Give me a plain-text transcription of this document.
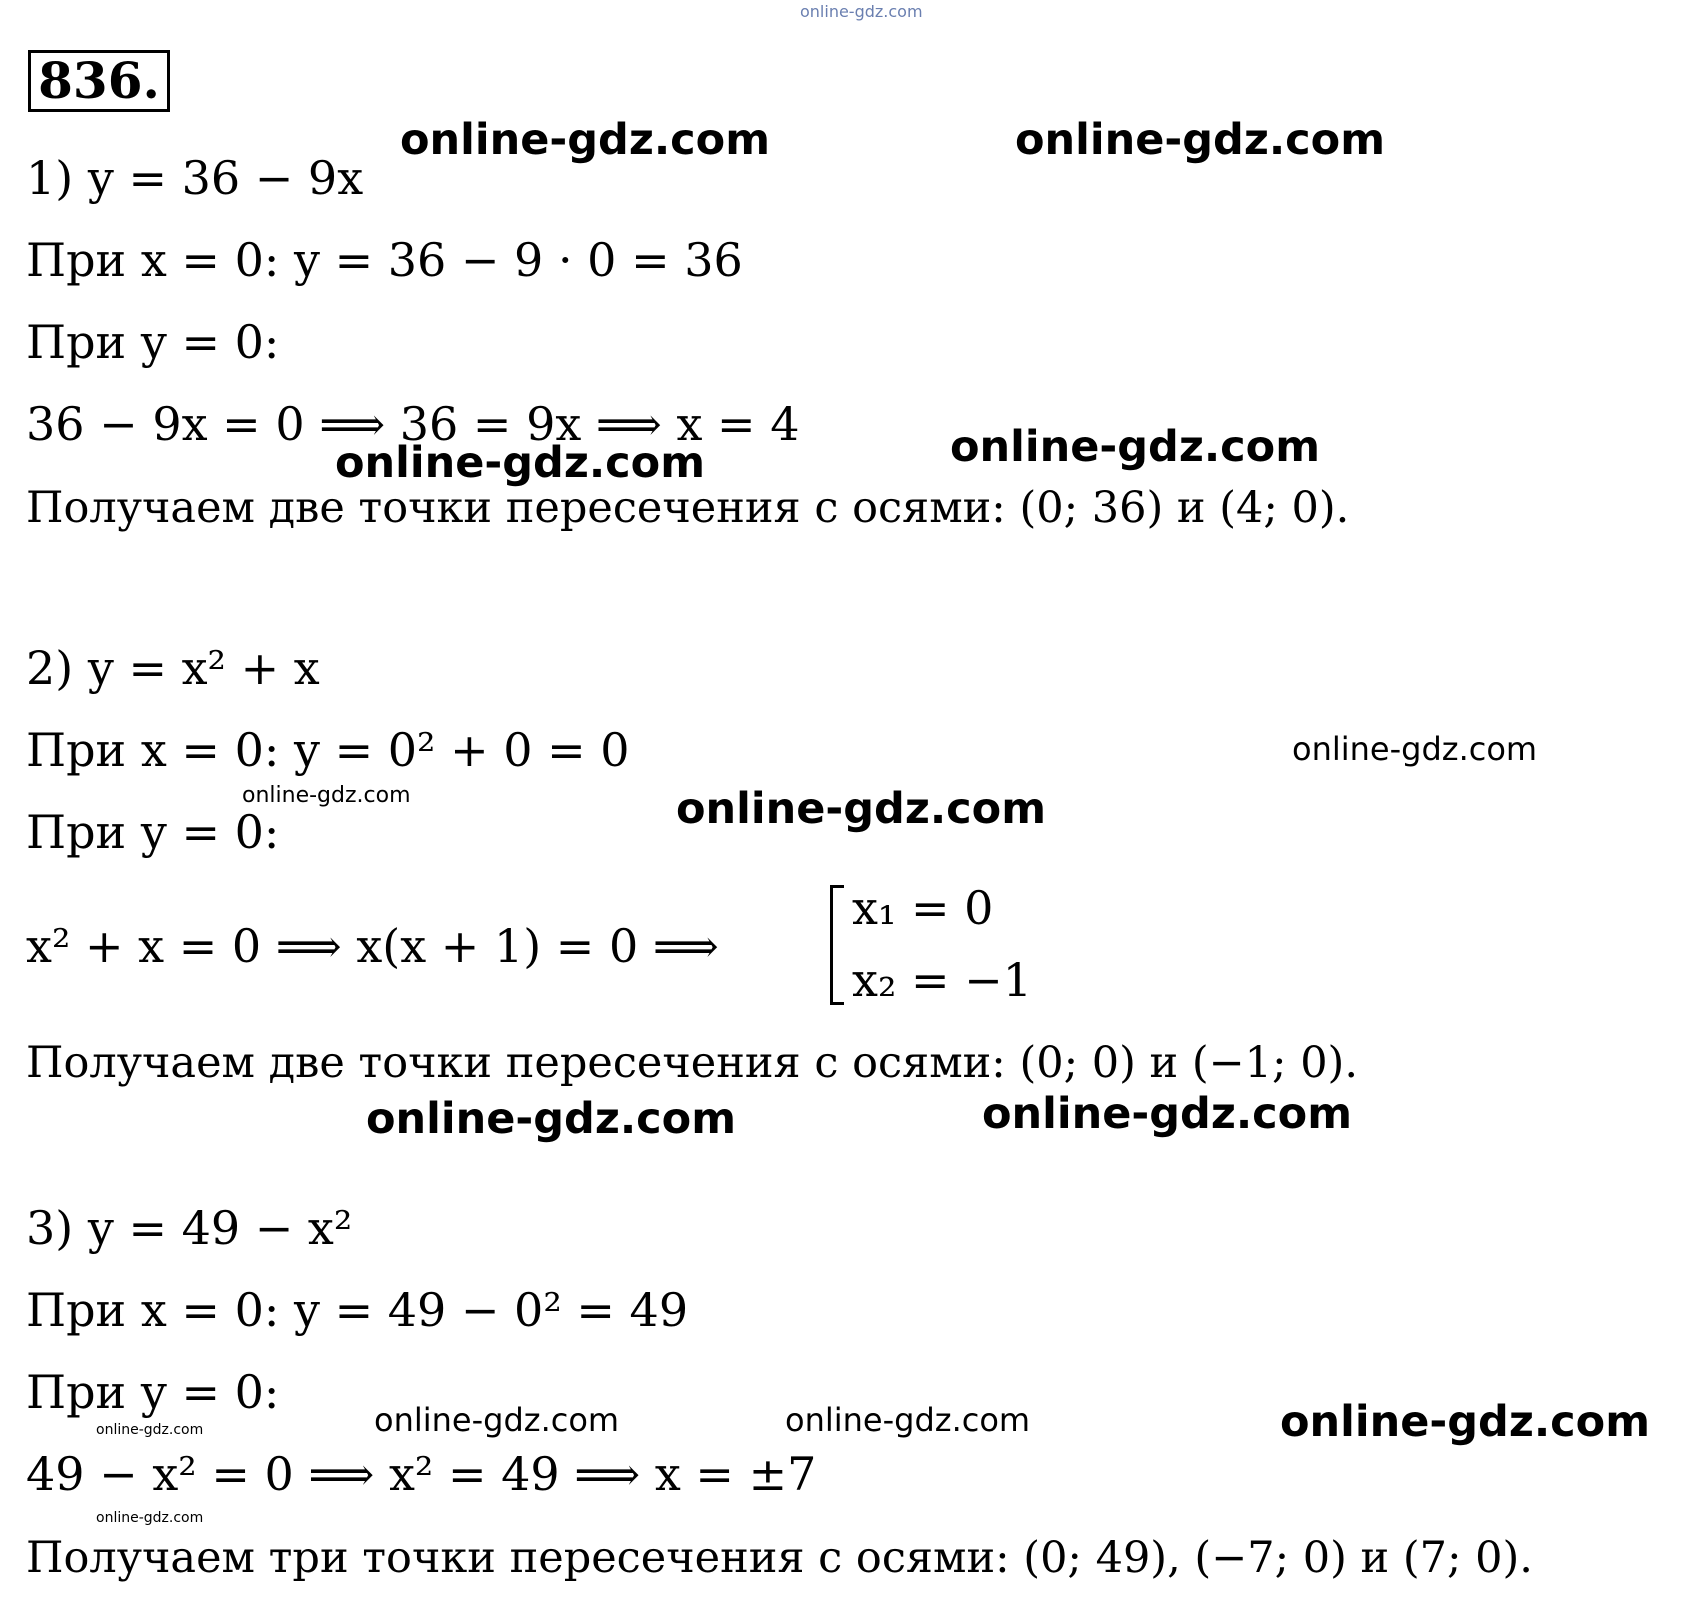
online-gdz.com
836.
1) y = 36 − 9x
При x = 0: y = 36 − 9 · 0 = 36
При y = 0:
36 − 9x = 0 ⟹ 36 = 9x ⟹ x = 4
Получаем две точки пересечения с осями: (0; 36) и (4; 0).
2) y = x² + x
При x = 0: y = 0² + 0 = 0
При y = 0:
x² + x = 0 ⟹ x(x + 1) = 0 ⟹
x₁ = 0
x₂ = −1
Получаем две точки пересечения с осями: (0; 0) и (−1; 0).
3) y = 49 − x²
При x = 0: y = 49 − 0² = 49
При y = 0:
49 − x² = 0 ⟹ x² = 49 ⟹ x = ±7
Получаем три точки пересечения с осями: (0; 49), (−7; 0) и (7; 0).
online-gdz.com	online-gdz.com
online-gdz.com
online-gdz.com
online-gdz.com
online-gdz.com	online-gdz.com
online-gdz.com	online-gdz.com
online-gdz.com	online-gdz.com	online-gdz.com
online-gdz.com
online-gdz.com
